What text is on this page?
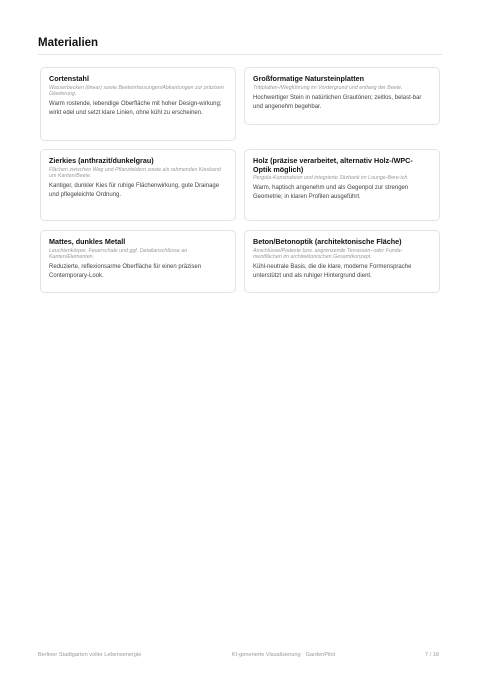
Materialien
Cortenstahl
Wasserbecken (linear) sowie Beeteinfassungen/Abkantungen zur präzisen Gliederung.
Warm rostende, lebendige Oberfläche mit hoher Design-wirkung; wirkt edel und setzt klare Linien, ohne kühl zu erscheinen.
Großformatige Natursteinplatten
Trittplatten-/Wegführung im Vordergrund und entlang der Beete.
Hochwertiger Stein in natürlichen Grautönen; zeitlos, belast-bar und angenehm begehbar.
Zierkies (anthrazit/dunkelgrau)
Flächen zwischen Weg und Pflanzfeldern sowie als rahmendes Kiesband um Kanten/Beete.
Kantiger, dunkler Kies für ruhige Flächenwirkung, gute Drainage und pflegeleichte Ordnung.
Holz (präzise verarbeitet, alternativ Holz-/WPC-Optik möglich)
Pergola-Konstruktion und integrierte Sitzbank im Lounge-Bere-ich.
Warm, haptisch angenehm und als Gegenpol zur strengen Geometrie; in klaren Profilen ausgeführt.
Mattes, dunkles Metall
Leuchtenkörper, Feuerschale und ggf. Detailanschlüsse an Kanten/Elementen.
Reduzierte, reflexionsarme Oberfläche für einen präzisen Contemporary-Look.
Beton/Betonoptik (architektonische Fläche)
Anschlüsse/Podeste bzw. angrenzende Terrassen- oder Funda-mentflächen im architektonischen Gesamtkonzept.
Kühl-neutrale Basis, die die klare, moderne Formensprache unterstützt und als ruhiger Hintergrund dient.
Berliner Stadtgarten voller Lebensenergie	KI-generierte Visualisierung · GardenPilot	7 / 18
